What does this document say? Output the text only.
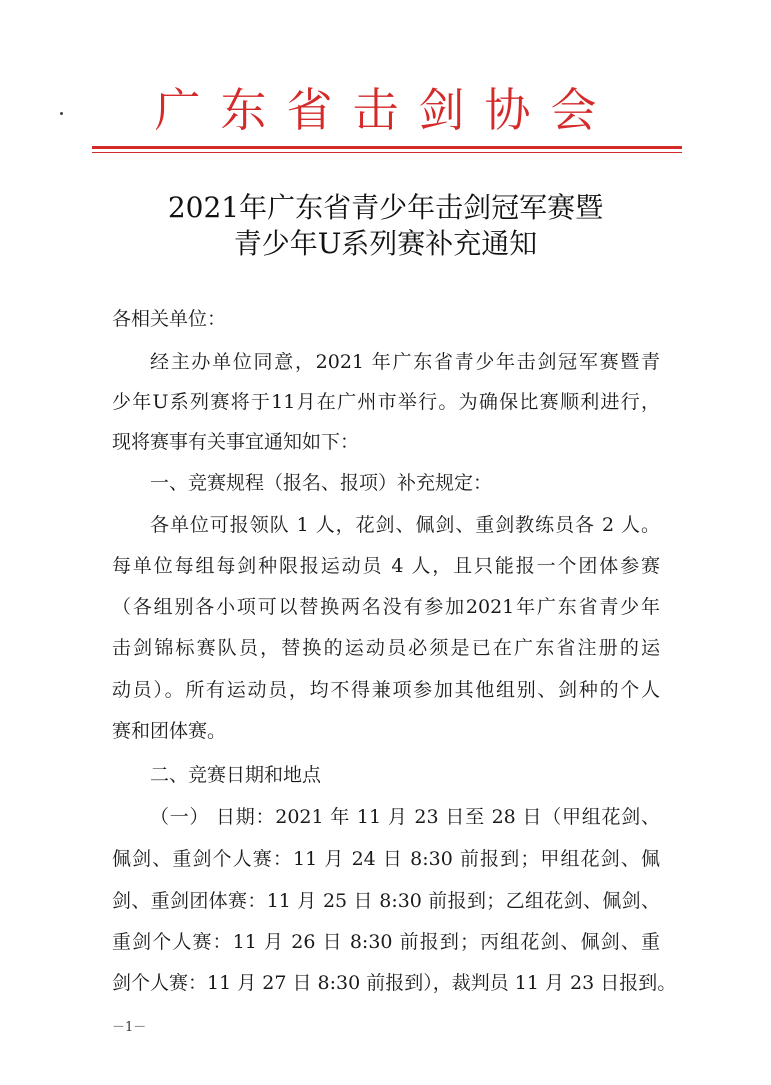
广东省击剑协会
2021年广东省青少年击剑冠军赛暨
青少年U系列赛补充通知
各相关单位：
经主办单位同意，2021 年广东省青少年击剑冠军赛暨青
少年U系列赛将于11月在广州市举行。为确保比赛顺利进行，
现将赛事有关事宜通知如下：
一、竞赛规程（报名、报项）补充规定：
各单位可报领队 1 人，花剑、佩剑、重剑教练员各 2 人。
每单位每组每剑种限报运动员 4 人，且只能报一个团体参赛
（各组别各小项可以替换两名没有参加2021年广东省青少年
击剑锦标赛队员，替换的运动员必须是已在广东省注册的运
动员）。所有运动员，均不得兼项参加其他组别、剑种的个人
赛和团体赛。
二、竞赛日期和地点
（一） 日期：2021 年 11 月 23 日至 28 日（甲组花剑、
佩剑、重剑个人赛：11 月 24 日 8:30 前报到；甲组花剑、佩
剑、重剑团体赛：11 月 25 日 8:30 前报到；乙组花剑、佩剑、
重剑个人赛：11 月 26 日 8:30 前报到；丙组花剑、佩剑、重
剑个人赛：11 月 27 日 8:30 前报到），裁判员 11 月 23 日报到。
－1－
